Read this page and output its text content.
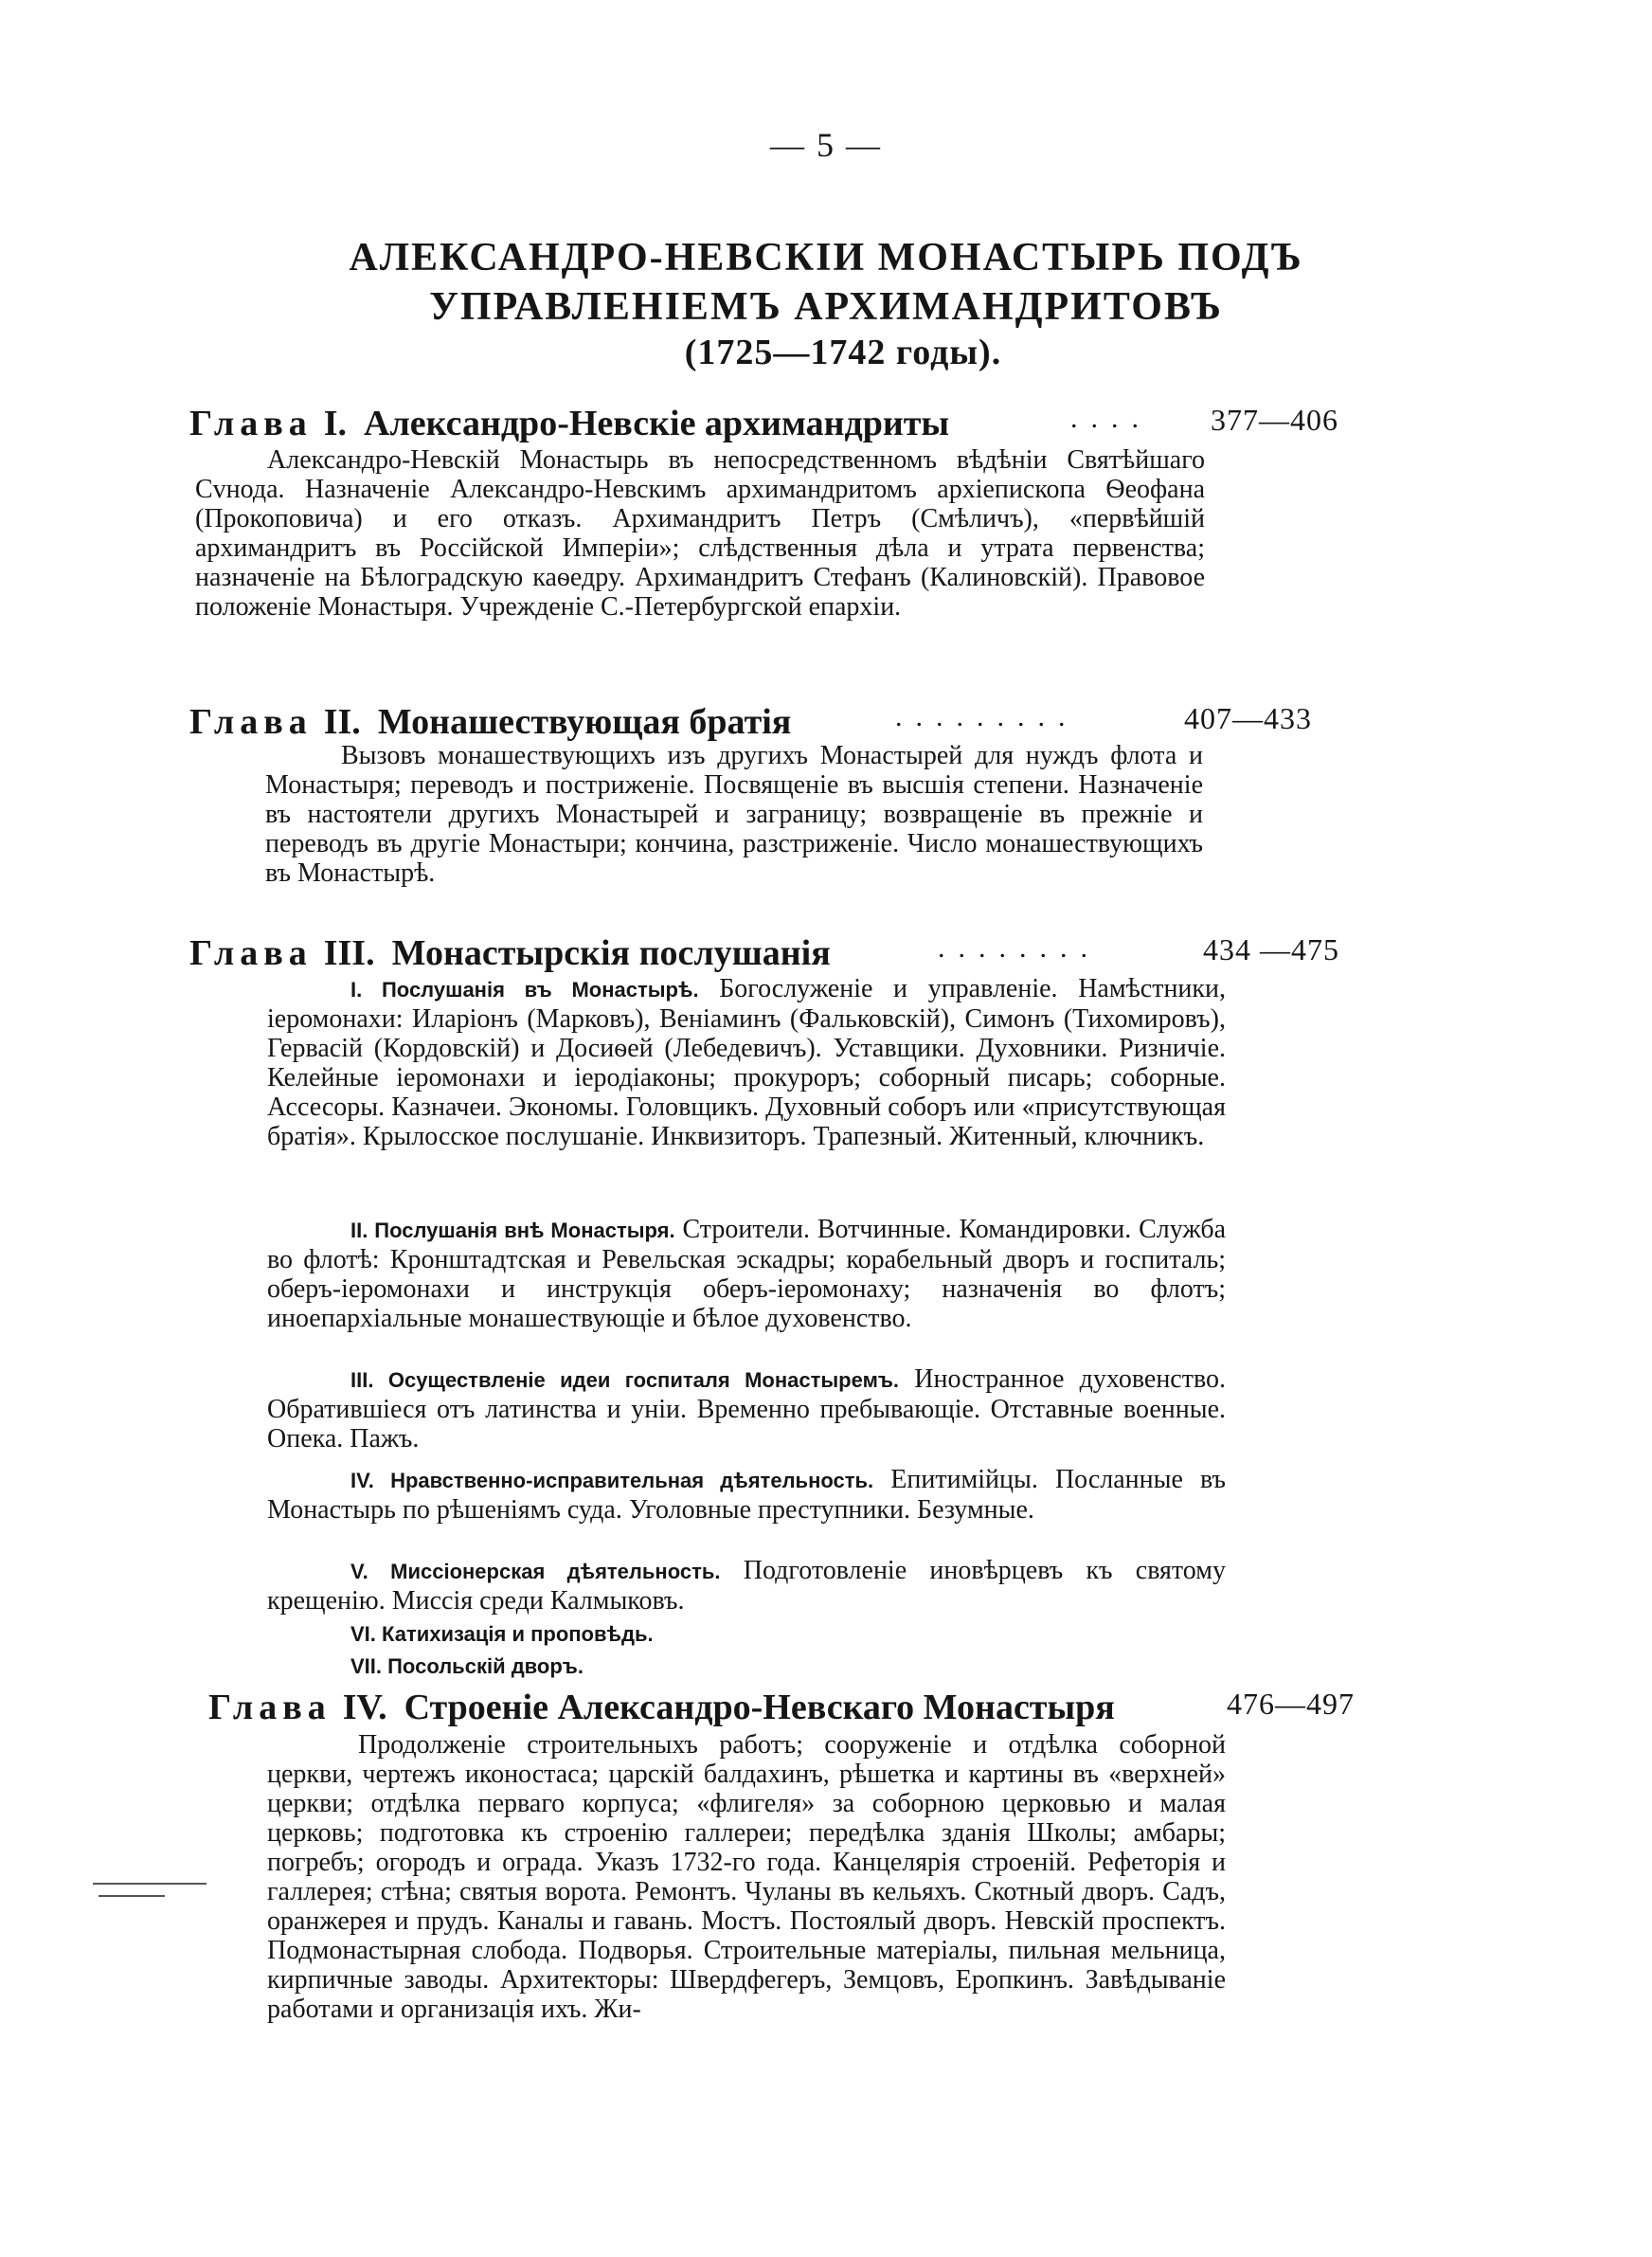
— 5 —
АЛЕКСАНДРО-НЕВСКІИ МОНАСТЫРЬ ПОДЪ
УПРАВЛЕНІЕМЪ АРХИМАНДРИТОВЪ
(1725—1742 годы).
Глава I. Александро-Невскіе архимандриты	.... 377—406

Александро-Невскій Монастырь въ непосредственномъ вѣдѣніи Святѣйшаго Сvнода. Назначеніе Александро-Невскимъ архимандритомъ архіепископа Ѳеофана (Прокоповича) и его отказъ. Архимандритъ Петръ (Смѣличъ), «первѣйшій архимандритъ въ Россійской Имперіи»; слѣдственныя дѣла и утрата первенства; назначеніе на Бѣлоградскую каѳедру. Архимандритъ Стефанъ (Калиновскій). Правовое положеніе Монастыря. Учрежденіе С.-Петербургской епархіи.

Глава II. Монашествующая братія	.........	407—433

Вызовъ монашествующихъ изъ другихъ Монастырей для нуждъ флота и Монастыря; переводъ и пострижeніе. Посвященіе въ высшія степени. Назначеніе въ настоятели другихъ Монастырей и заграницу; возвращеніе въ прежніе и переводъ въ другіе Монастыри; кончина, разстриженіе. Число монашествующихъ въ Монастырѣ.

Глава III. Монастырскія послушанія	........	434 —475

I. Послушанія въ Монастырѣ. Богослуженіе и управленіе. Намѣстники, іеромонахи: Иларіонъ (Марковъ), Веніаминъ (Фальковскій), Симонъ (Тихомировъ), Гервасій (Кордовскій) и Досиѳей (Лебедевичъ). Уставщики. Духовники. Ризничіе. Келейные іеромонахи и іеродіаконы; прокуроръ; соборный писарь; соборные. Ассесоры. Казначеи. Экономы. Головщикъ. Духовный соборъ или «присутствующая братія». Крылосское послушаніе. Инквизиторъ. Трапезный. Житенный, ключникъ.

II. Послушанія внѣ Монастыря. Строители. Вотчинные. Командировки. Служба во флотѣ: Кронштадтская и Ревельская эскадры; корабельный дворъ и госпиталь; оберъ-іеромонахи и инструкція оберъ-іеромонаху; назначенія во флотъ; иноепархіальные монашествующіе и бѣлое духовенство.

III. Осуществленіе идеи госпиталя Монастыремъ. Иностранное духовенство. Обратившіеся отъ латинства и уніи. Временно пребывающіе. Отставные военные. Опека. Пажъ.

IV. Нравственно-исправительная дѣятельность. Епитимійцы. Посланные въ Монастырь по рѣшеніямъ суда. Уголовные преступники. Безумные.

V. Миссіонерская дѣятельность. Подготовленіе иновѣрцевъ къ святому крещенію. Миссія среди Калмыковъ.

VI. Катихизація и проповѣдь.

VII. Посольскій дворъ.

Глава IV. Строеніе Александро-Невскаго Монастыря	476—497

Продолженіе строительныхъ работъ; сооруженіе и отдѣлка соборной церкви, чертежъ иконостаса; царскій балдахинъ, рѣшетка и картины въ «верхней» церкви; отдѣлка перваго корпуса; «флигеля» за соборною церковью и малая церковь; подготовка къ строенію галлереи; передѣлка зданія Школы; амбары; погребъ; огородъ и ограда. Указъ 1732-го года. Канцелярія строеній. Рефеторія и галлерея; стѣна; святыя ворота. Ремонтъ. Чуланы въ кельяхъ. Скотный дворъ. Садъ, оранжерея и прудъ. Каналы и гавань. Мостъ. Постоялый дворъ. Невскій проспектъ. Подмонастырная слобода. Подворья. Строительные матеріалы, пильная мельница, кирпичные заводы. Архитекторы: Швердфегеръ, Земцовъ, Еропкинъ. Завѣдываніе работами и организація ихъ. Жи-
